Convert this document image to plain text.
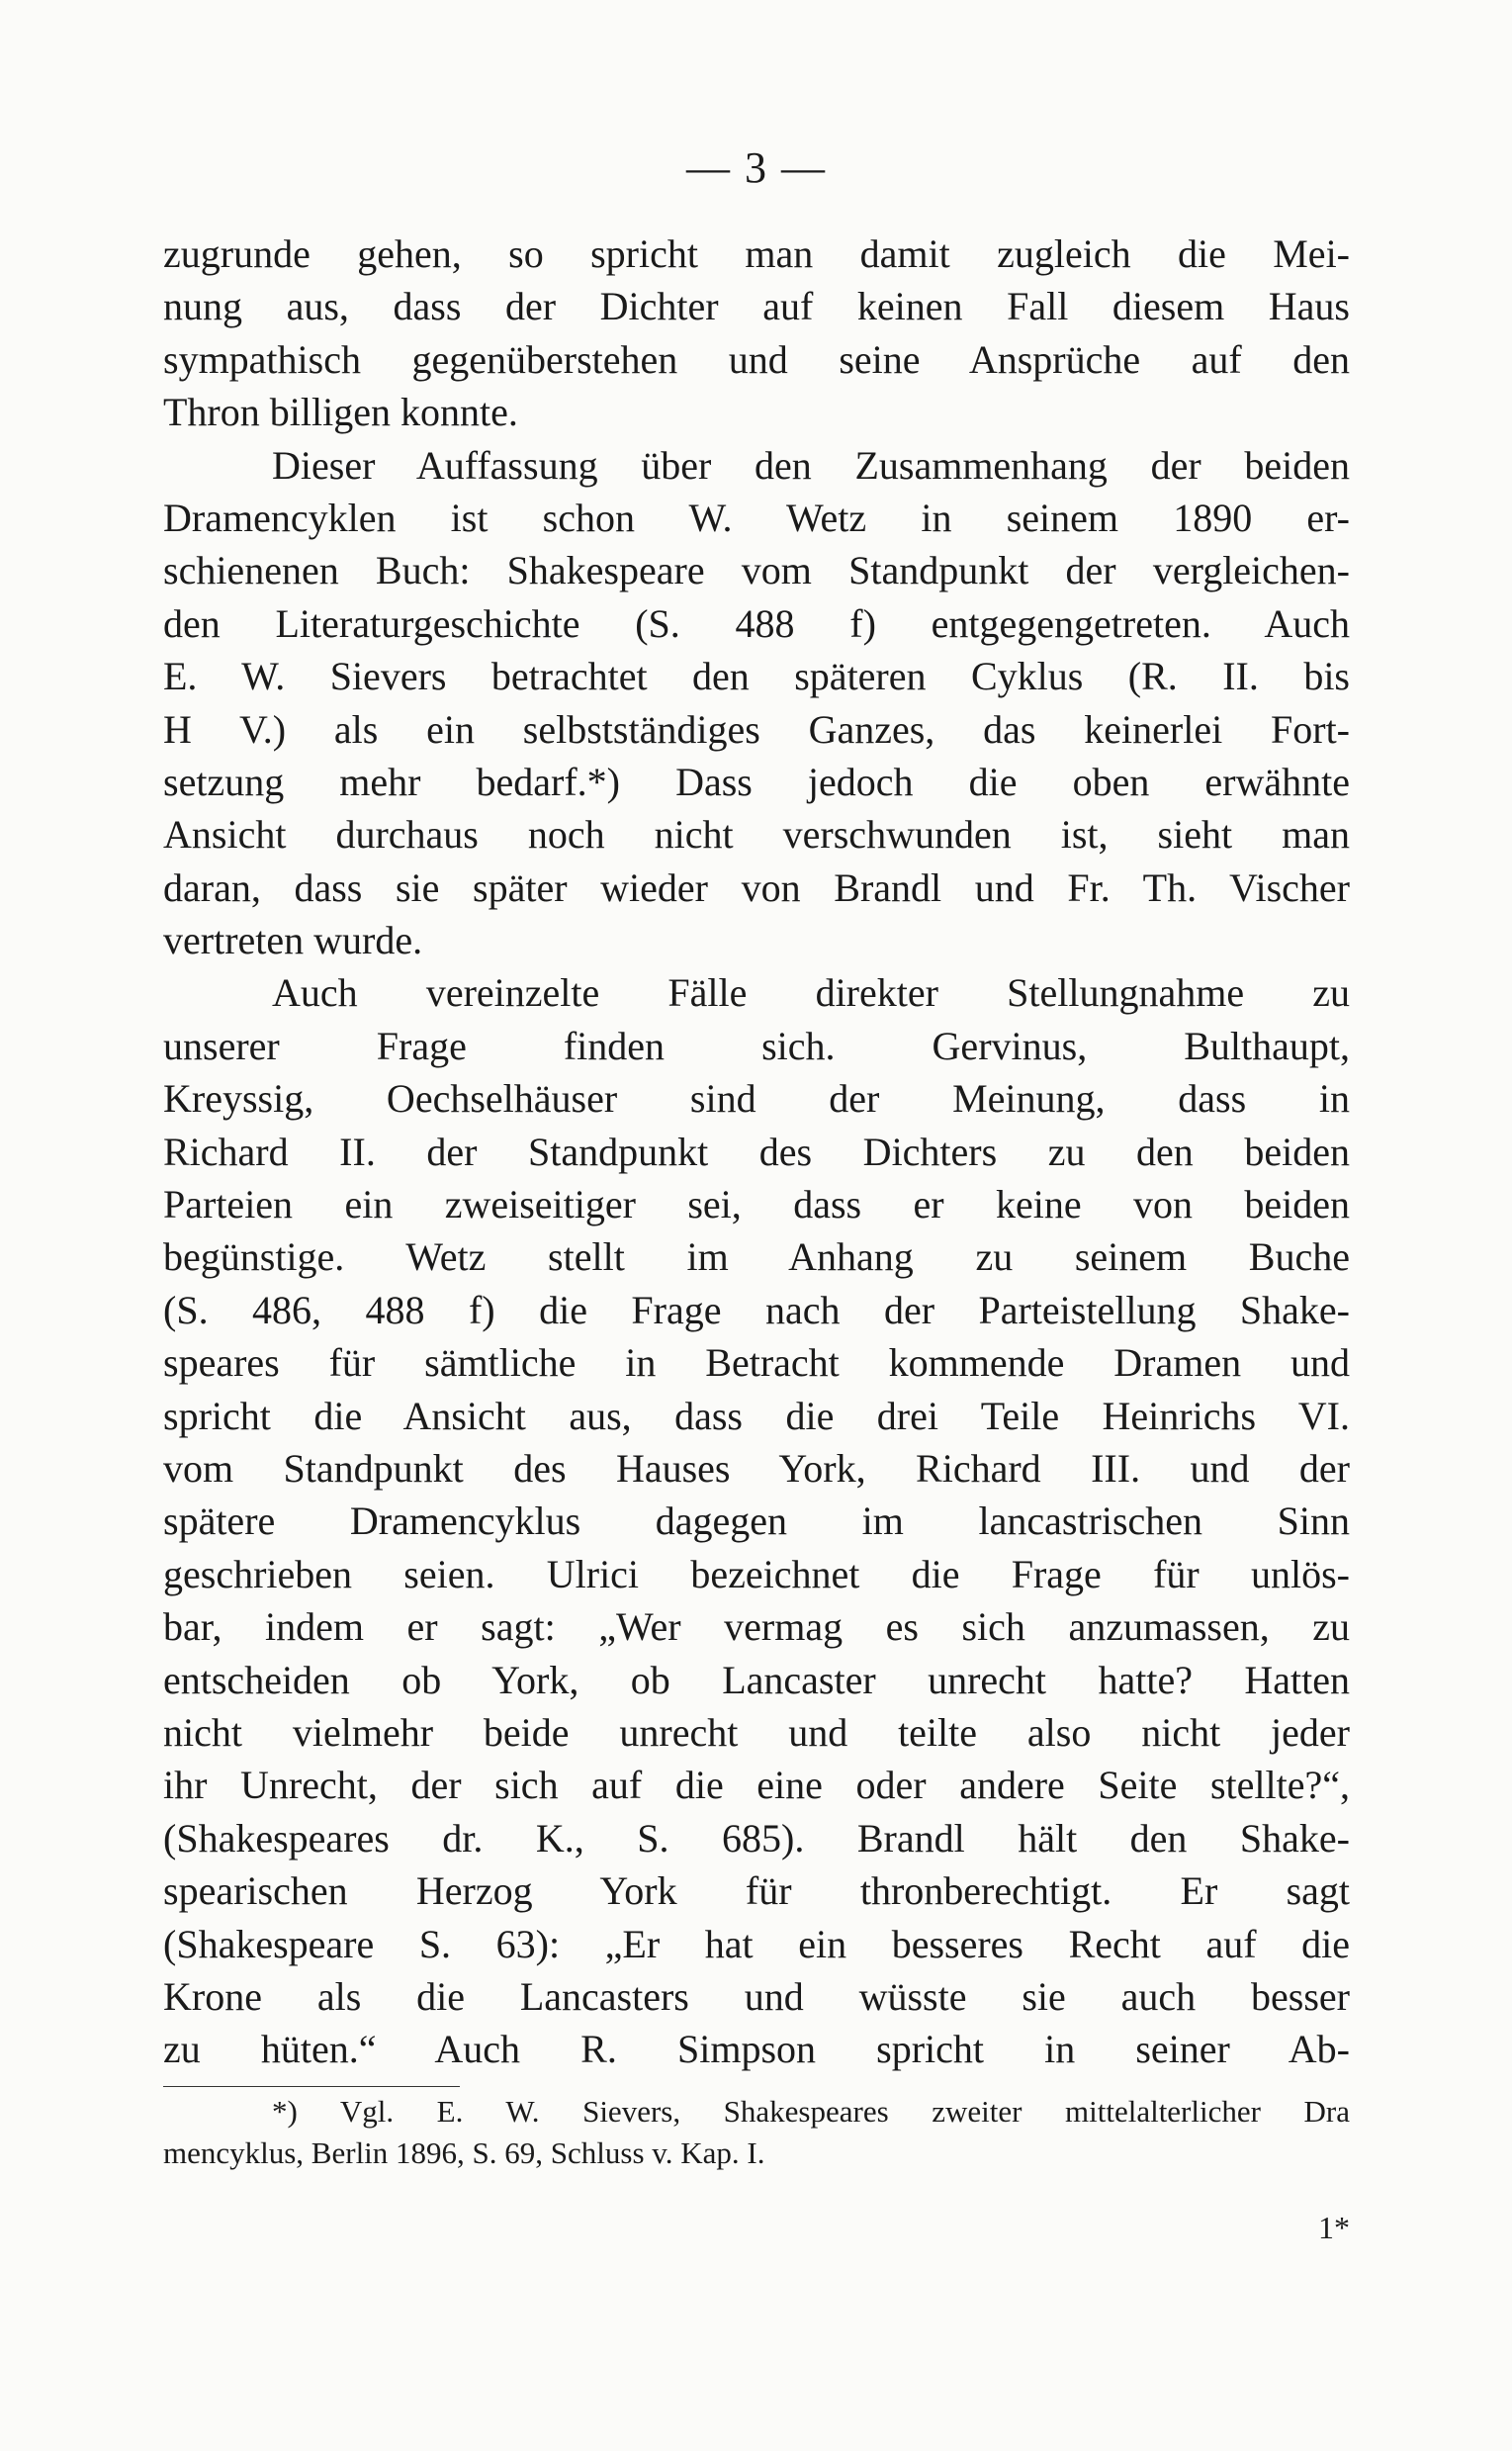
— 3 —
zugrunde gehen, so spricht man damit zugleich die Mei-
nung aus, dass der Dichter auf keinen Fall diesem Haus
sympathisch gegenüberstehen und seine Ansprüche auf den
Thron billigen konnte.
Dieser Auffassung über den Zusammenhang der beiden
Dramencyklen ist schon W. Wetz in seinem 1890 er-
schienenen Buch: Shakespeare vom Standpunkt der vergleichen-
den Literaturgeschichte (S. 488 f) entgegengetreten. Auch
E. W. Sievers betrachtet den späteren Cyklus (R. II. bis
H V.) als ein selbstständiges Ganzes, das keinerlei Fort-
setzung mehr bedarf.*) Dass jedoch die oben erwähnte
Ansicht durchaus noch nicht verschwunden ist, sieht man
daran, dass sie später wieder von Brandl und Fr. Th. Vischer
vertreten wurde.
Auch vereinzelte Fälle direkter Stellungnahme zu
unserer Frage finden sich. Gervinus, Bulthaupt,
Kreyssig, Oechselhäuser sind der Meinung, dass in
Richard II. der Standpunkt des Dichters zu den beiden
Parteien ein zweiseitiger sei, dass er keine von beiden
begünstige. Wetz stellt im Anhang zu seinem Buche
(S. 486, 488 f) die Frage nach der Parteistellung Shake-
speares für sämtliche in Betracht kommende Dramen und
spricht die Ansicht aus, dass die drei Teile Heinrichs VI.
vom Standpunkt des Hauses York, Richard III. und der
spätere Dramencyklus dagegen im lancastrischen Sinn
geschrieben seien. Ulrici bezeichnet die Frage für unlös-
bar, indem er sagt: „Wer vermag es sich anzumassen, zu
entscheiden ob York, ob Lancaster unrecht hatte? Hatten
nicht vielmehr beide unrecht und teilte also nicht jeder
ihr Unrecht, der sich auf die eine oder andere Seite stellte?“,
(Shakespeares dr. K., S. 685). Brandl hält den Shake-
spearischen Herzog York für thronberechtigt. Er sagt
(Shakespeare S. 63): „Er hat ein besseres Recht auf die
Krone als die Lancasters und wüsste sie auch besser
zu hüten.“ Auch R. Simpson spricht in seiner Ab-
*) Vgl. E. W. Sievers, Shakespeares zweiter mittelalterlicher Dra
mencyklus, Berlin 1896, S. 69, Schluss v. Kap. I.
1*
